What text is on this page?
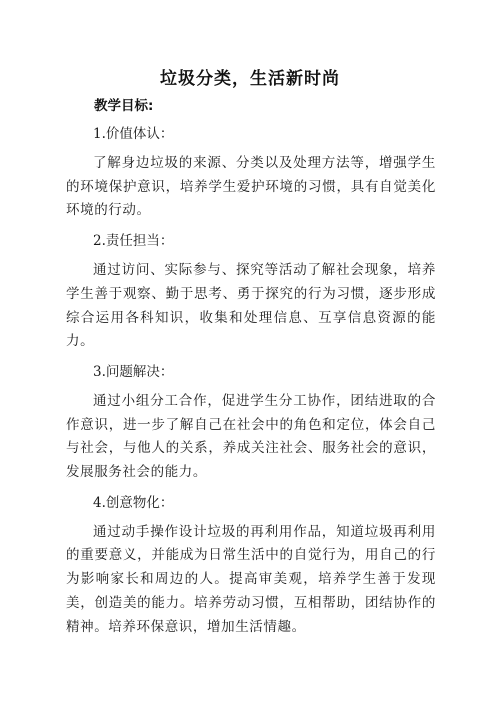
垃圾分类，生活新时尚
教学目标:
1.价值体认：
了解身边垃圾的来源、分类以及处理方法等，增强学生的环境保护意识，培养学生爱护环境的习惯，具有自觉美化环境的行动。
2.责任担当：
通过访问、实际参与、探究等活动了解社会现象，培养学生善于观察、勤于思考、勇于探究的行为习惯，逐步形成综合运用各科知识，收集和处理信息、互享信息资源的能力。
3.问题解决：
通过小组分工合作，促进学生分工协作，团结进取的合作意识，进一步了解自己在社会中的角色和定位，体会自己与社会，与他人的关系，养成关注社会、服务社会的意识，发展服务社会的能力。
4.创意物化：
通过动手操作设计垃圾的再利用作品，知道垃圾再利用的重要意义，并能成为日常生活中的自觉行为，用自己的行为影响家长和周边的人。提高审美观，培养学生善于发现美，创造美的能力。培养劳动习惯，互相帮助，团结协作的精神。培养环保意识，增加生活情趣。
